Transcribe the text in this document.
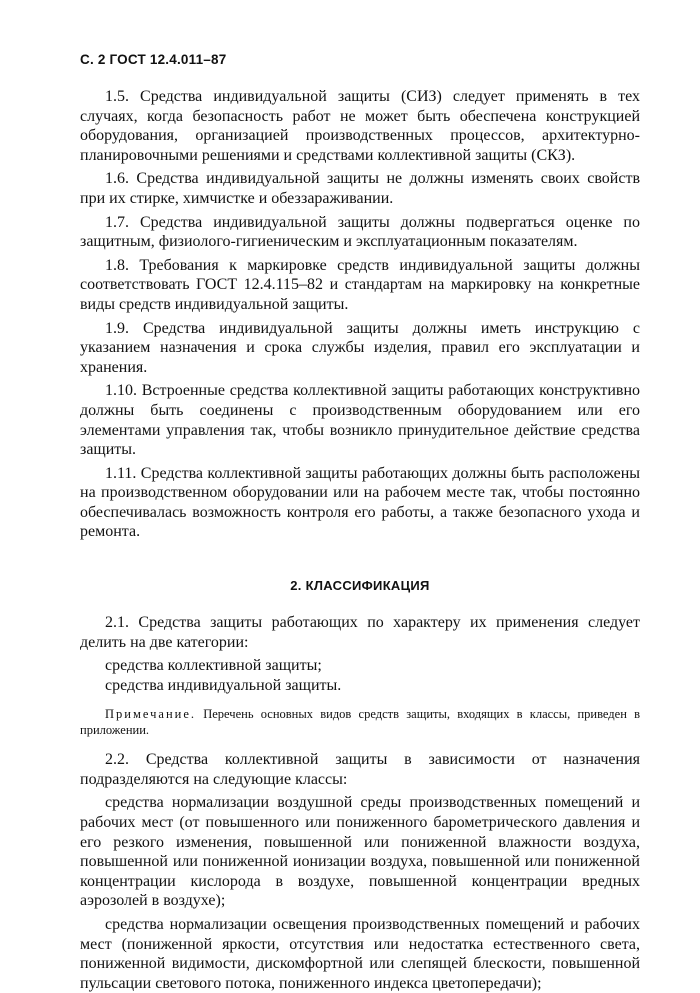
С. 2 ГОСТ 12.4.011–87

1.5. Средства индивидуальной защиты (СИЗ) следует применять в тех случаях, когда безопасность работ не может быть обеспечена конструкцией оборудования, организацией производственных процессов, архитектурно-планировочными решениями и средствами коллективной защиты (СКЗ).

1.6. Средства индивидуальной защиты не должны изменять своих свойств при их стирке, химчистке и обеззараживании.

1.7. Средства индивидуальной защиты должны подвергаться оценке по защитным, физиолого-гигиеническим и эксплуатационным показателям.

1.8. Требования к маркировке средств индивидуальной защиты должны соответствовать ГОСТ 12.4.115–82 и стандартам на маркировку на конкретные виды средств индивидуальной защиты.

1.9. Средства индивидуальной защиты должны иметь инструкцию с указанием назначения и срока службы изделия, правил его эксплуатации и хранения.

1.10. Встроенные средства коллективной защиты работающих конструктивно должны быть соединены с производственным оборудованием или его элементами управления так, чтобы возникло принудительное действие средства защиты.

1.11. Средства коллективной защиты работающих должны быть расположены на производственном оборудовании или на рабочем месте так, чтобы постоянно обеспечивалась возможность контроля его работы, а также безопасного ухода и ремонта.

2. КЛАССИФИКАЦИЯ

2.1. Средства защиты работающих по характеру их применения следует делить на две категории:

средства коллективной защиты;
средства индивидуальной защиты.

Примечание. Перечень основных видов средств защиты, входящих в классы, приведен в приложении.

2.2. Средства коллективной защиты в зависимости от назначения подразделяются на следующие классы:

средства нормализации воздушной среды производственных помещений и рабочих мест (от повышенного или пониженного барометрического давления и его резкого изменения, повышенной или пониженной влажности воздуха, повышенной или пониженной ионизации воздуха, повышенной или пониженной концентрации кислорода в воздухе, повышенной концентрации вредных аэрозолей в воздухе);

средства нормализации освещения производственных помещений и рабочих мест (пониженной яркости, отсутствия или недостатка естественного света, пониженной видимости, дискомфортной или слепящей блескости, повышенной пульсации светового потока, пониженного индекса цветопередачи);
